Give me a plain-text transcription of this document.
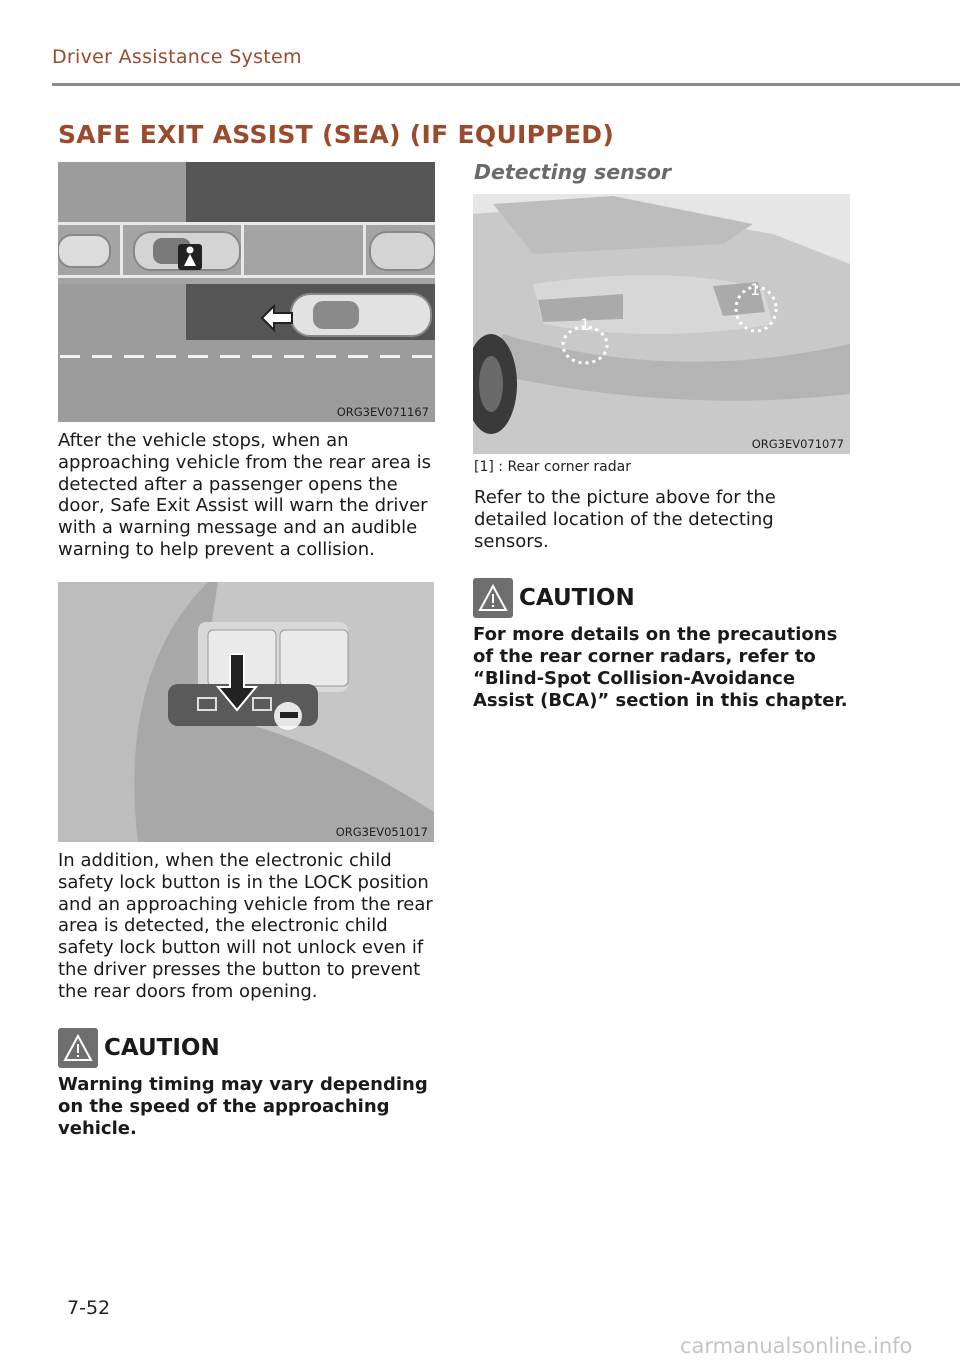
Driver Assistance System
SAFE EXIT ASSIST (SEA) (IF EQUIPPED)
ORG3EV071167
After the vehicle stops, when an approaching vehicle from the rear area is detected after a passenger opens the door, Safe Exit Assist will warn the driver with a warning message and an audible warning to help prevent a collision.
ORG3EV051017
In addition, when the electronic child safety lock button is in the LOCK position and an approaching vehicle from the rear area is detected, the electronic child safety lock button will not unlock even if the driver presses the button to prevent the rear doors from opening.
CAUTION
Warning timing may vary depending on the speed of the approaching vehicle.
Detecting sensor
1
1
ORG3EV071077
[1] : Rear corner radar
Refer to the picture above for the detailed location of the detecting sensors.
CAUTION
For more details on the precautions of the rear corner radars, refer to “Blind-Spot Collision-Avoidance Assist (BCA)” section in this chapter.
7-52
carmanualsonline.info
